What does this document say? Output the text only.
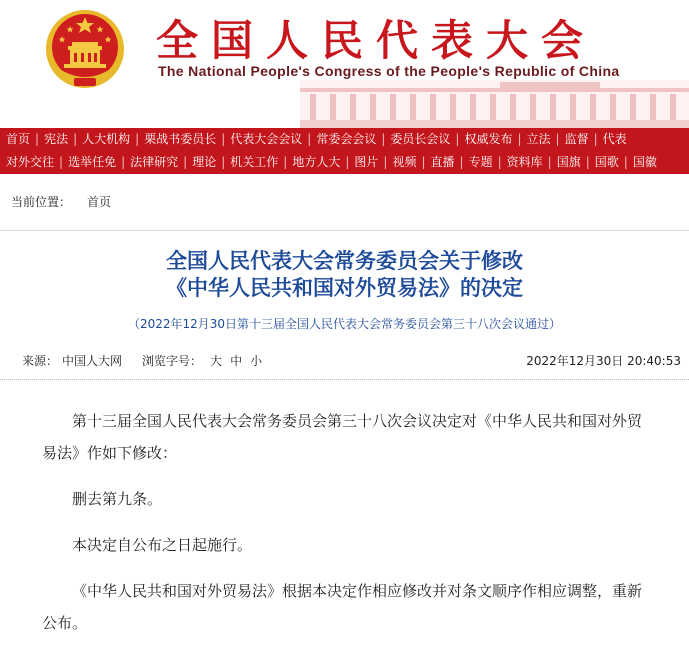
全国人民代表大会
The National People's Congress of the People's Republic of China
首页 | 宪法 | 人大机构 | 栗战书委员长 | 代表大会会议 | 常委会会议 | 委员长会议 | 权威发布 | 立法 | 监督 | 代表
对外交往 | 选举任免 | 法律研究 | 理论 | 机关工作 | 地方人大 | 图片 | 视频 | 直播 | 专题 | 资料库 | 国旗 | 国歌 | 国徽
当前位置： 首页
全国人民代表大会常务委员会关于修改
《中华人民共和国对外贸易法》的决定
（2022年12月30日第十三届全国人民代表大会常务委员会第三十八次会议通过）
来源： 中国人大网 浏览字号： 大 中 小	2022年12月30日 20:40:53

第十三届全国人民代表大会常务委员会第三十八次会议决定对《中华人民共和国对外贸易法》作如下修改：

删去第九条。

本决定自公布之日起施行。

《中华人民共和国对外贸易法》根据本决定作相应修改并对条文顺序作相应调整，重新公布。
